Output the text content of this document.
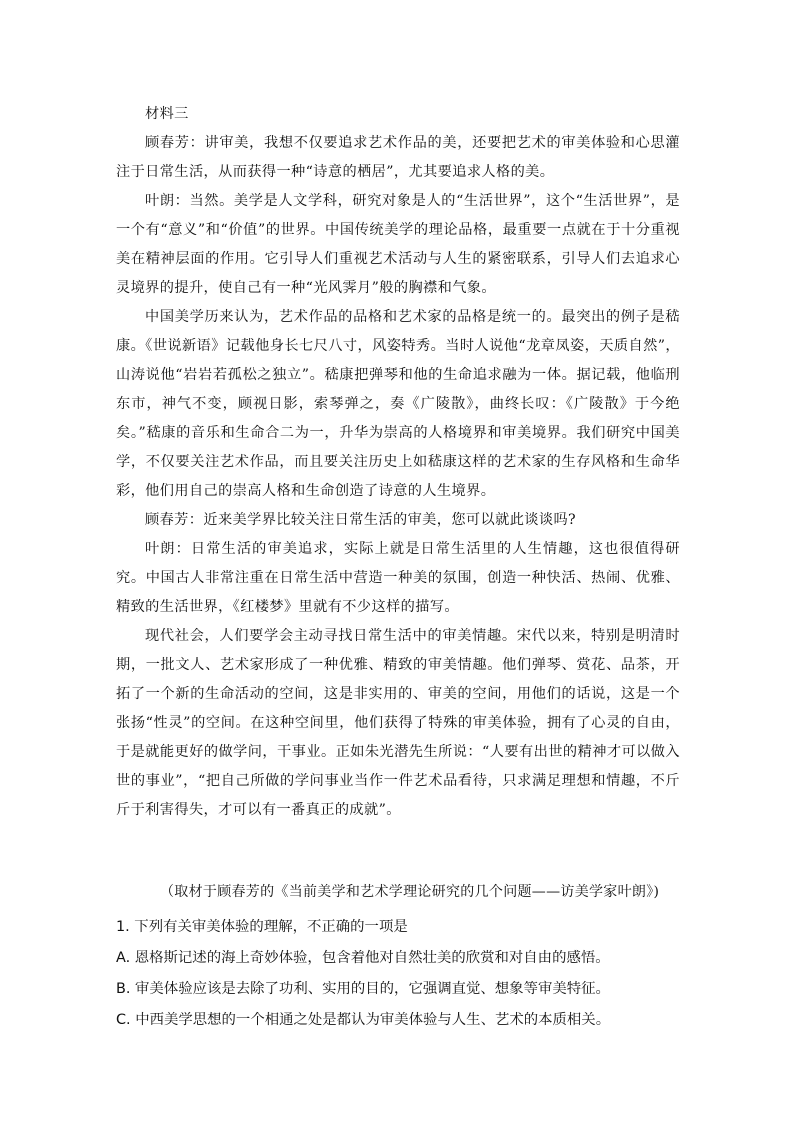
材料三

顾春芳：讲审美，我想不仅要追求艺术作品的美，还要把艺术的审美体验和心思灌注于日常生活，从而获得一种“诗意的栖居”，尤其要追求人格的美。

叶朗：当然。美学是人文学科，研究对象是人的“生活世界”，这个“生活世界”，是一个有“意义”和“价值”的世界。中国传统美学的理论品格，最重要一点就在于十分重视美在精神层面的作用。它引导人们重视艺术活动与人生的紧密联系，引导人们去追求心灵境界的提升，使自己有一种“光风霁月”般的胸襟和气象。

中国美学历来认为，艺术作品的品格和艺术家的品格是统一的。最突出的例子是嵇康。《世说新语》记载他身长七尺八寸，风姿特秀。当时人说他“龙章凤姿，天质自然”，山涛说他“岩岩若孤松之独立”。嵇康把弹琴和他的生命追求融为一体。据记载，他临刑东市，神气不变，顾视日影，索琴弹之，奏《广陵散》，曲终长叹：《广陵散》于今绝矣。”嵇康的音乐和生命合二为一，升华为崇高的人格境界和审美境界。我们研究中国美学，不仅要关注艺术作品，而且要关注历史上如嵇康这样的艺术家的生存风格和生命华彩，他们用自己的崇高人格和生命创造了诗意的人生境界。

顾春芳：近来美学界比较关注日常生活的审美，您可以就此谈谈吗?

叶朗：日常生活的审美追求，实际上就是日常生活里的人生情趣，这也很值得研究。中国古人非常注重在日常生活中营造一种美的氛围，创造一种快活、热闹、优雅、精致的生活世界，《红楼梦》里就有不少这样的描写。

现代社会，人们要学会主动寻找日常生活中的审美情趣。宋代以来，特别是明清时期，一批文人、艺术家形成了一种优雅、精致的审美情趣。他们弹琴、赏花、品茶，开拓了一个新的生命活动的空间，这是非实用的、审美的空间，用他们的话说，这是一个张扬“性灵”的空间。在这种空间里，他们获得了特殊的审美体验，拥有了心灵的自由，于是就能更好的做学问，干事业。正如朱光潜先生所说：“人要有出世的精神才可以做入世的事业”，“把自己所做的学问事业当作一件艺术品看待，只求满足理想和情趣，不斤斤于利害得失，才可以有一番真正的成就”。

（取材于顾春芳的《当前美学和艺术学理论研究的几个问题——访美学家叶朗》)

1. 下列有关审美体验的理解，不正确的一项是

A. 恩格斯记述的海上奇妙体验，包含着他对自然壮美的欣赏和对自由的感悟。

B. 审美体验应该是去除了功利、实用的目的，它强调直觉、想象等审美特征。

C. 中西美学思想的一个相通之处是都认为审美体验与人生、艺术的本质相关。
